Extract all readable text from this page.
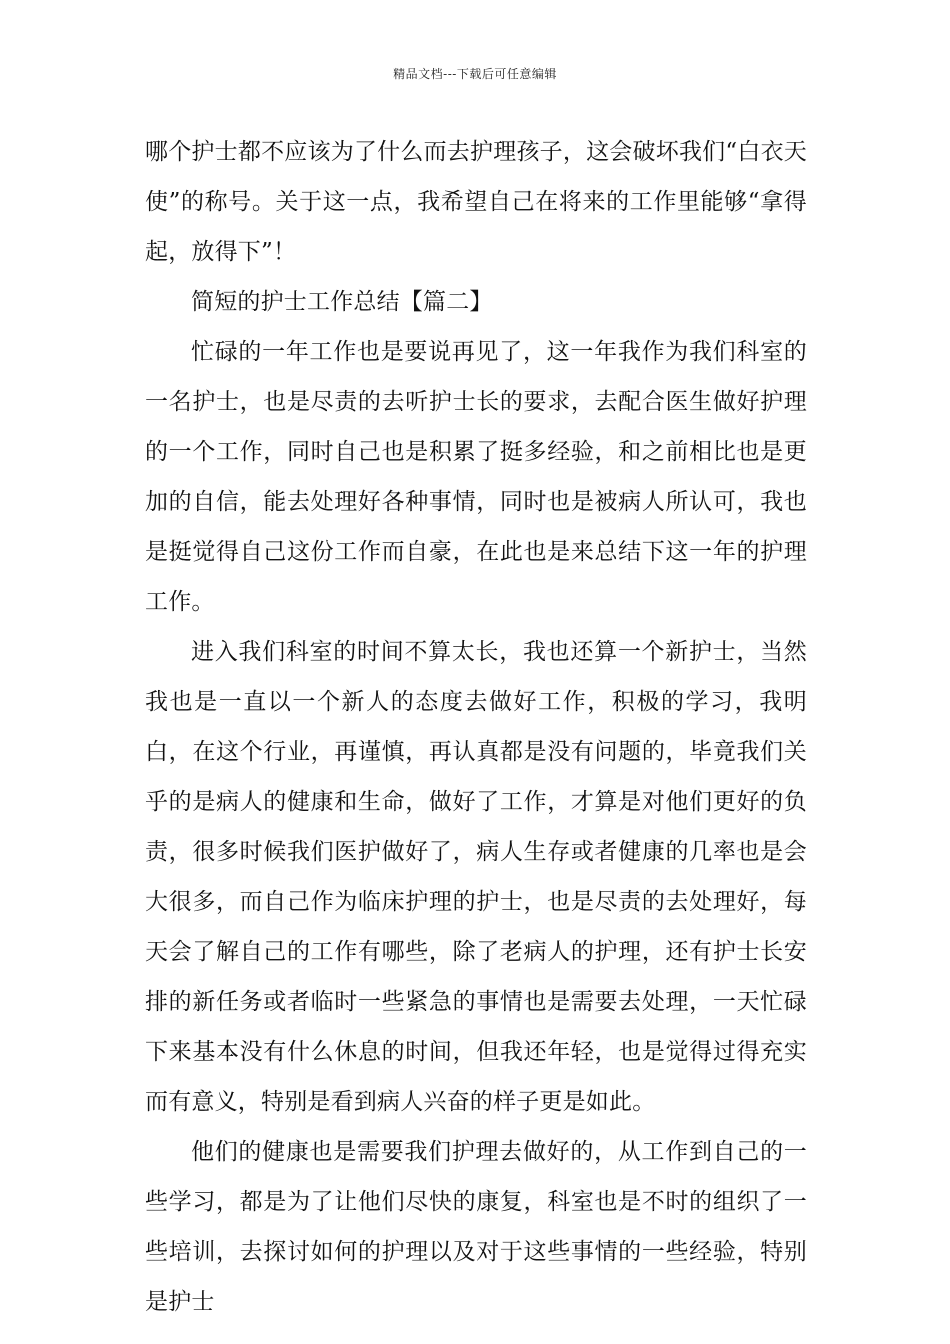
精品文档---下载后可任意编辑

哪个护士都不应该为了什么而去护理孩子，这会破坏我们“白衣天使”的称号。关于这一点，我希望自己在将来的工作里能够“拿得起，放得下”！

简短的护士工作总结【篇二】

忙碌的一年工作也是要说再见了，这一年我作为我们科室的一名护士，也是尽责的去听护士长的要求，去配合医生做好护理的一个工作，同时自己也是积累了挺多经验，和之前相比也是更加的自信，能去处理好各种事情，同时也是被病人所认可，我也是挺觉得自己这份工作而自豪，在此也是来总结下这一年的护理工作。

进入我们科室的时间不算太长，我也还算一个新护士，当然我也是一直以一个新人的态度去做好工作，积极的学习，我明白，在这个行业，再谨慎，再认真都是没有问题的，毕竟我们关乎的是病人的健康和生命，做好了工作，才算是对他们更好的负责，很多时候我们医护做好了，病人生存或者健康的几率也是会大很多，而自己作为临床护理的护士，也是尽责的去处理好，每天会了解自己的工作有哪些，除了老病人的护理，还有护士长安排的新任务或者临时一些紧急的事情也是需要去处理，一天忙碌下来基本没有什么休息的时间，但我还年轻，也是觉得过得充实而有意义，特别是看到病人兴奋的样子更是如此。

他们的健康也是需要我们护理去做好的，从工作到自己的一些学习，都是为了让他们尽快的康复，科室也是不时的组织了一些培训，去探讨如何的护理以及对于这些事情的一些经验，特别是护士
